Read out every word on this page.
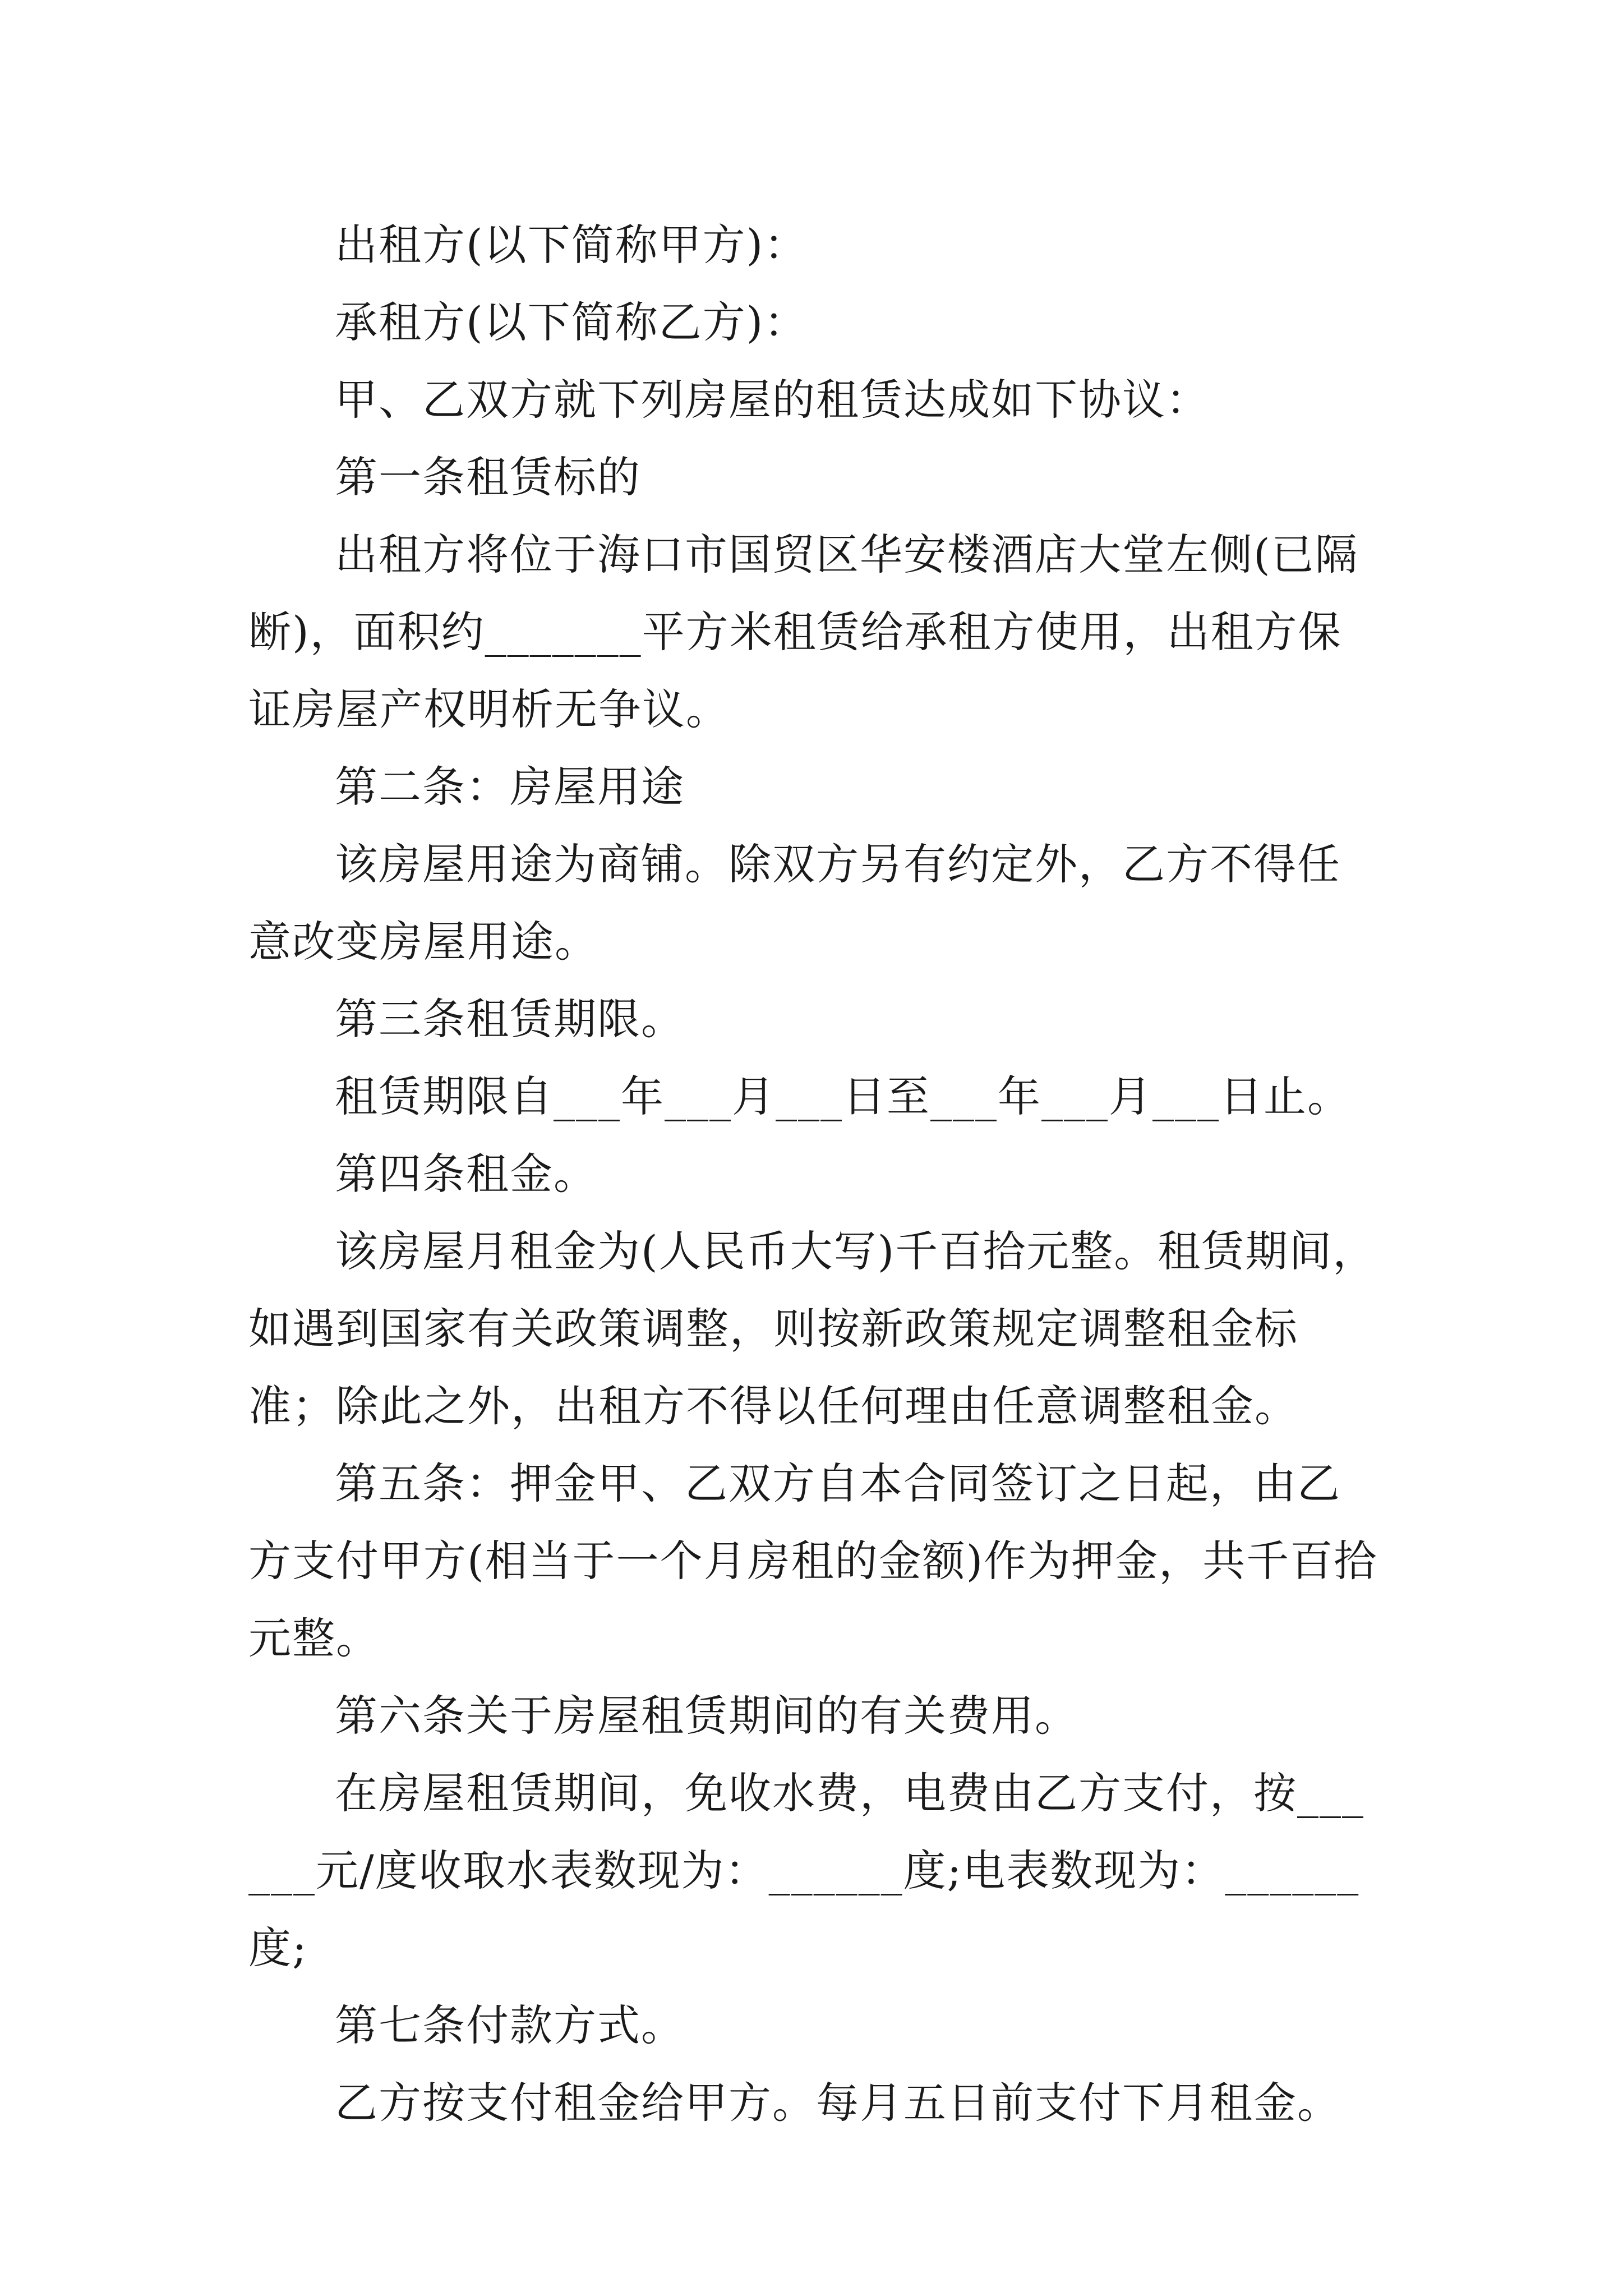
出租方(以下简称甲方)：

承租方(以下简称乙方)：

甲、乙双方就下列房屋的租赁达成如下协议：

第一条租赁标的

出租方将位于海口市国贸区华安楼酒店大堂左侧(已隔断)，面积约_______平方米租赁给承租方使用，出租方保证房屋产权明析无争议。

第二条：房屋用途

该房屋用途为商铺。除双方另有约定外，乙方不得任意改变房屋用途。

第三条租赁期限。

租赁期限自___年___月___日至___年___月___日止。

第四条租金。

该房屋月租金为(人民币大写)千百拾元整。租赁期间，如遇到国家有关政策调整，则按新政策规定调整租金标准；除此之外，出租方不得以任何理由任意调整租金。

第五条：押金甲、乙双方自本合同签订之日起，由乙方支付甲方(相当于一个月房租的金额)作为押金，共千百拾元整。

第六条关于房屋租赁期间的有关费用。

在房屋租赁期间，免收水费，电费由乙方支付，按______元/度收取水表数现为：______度;电表数现为：______度;

第七条付款方式。

乙方按支付租金给甲方。每月五日前支付下月租金。
